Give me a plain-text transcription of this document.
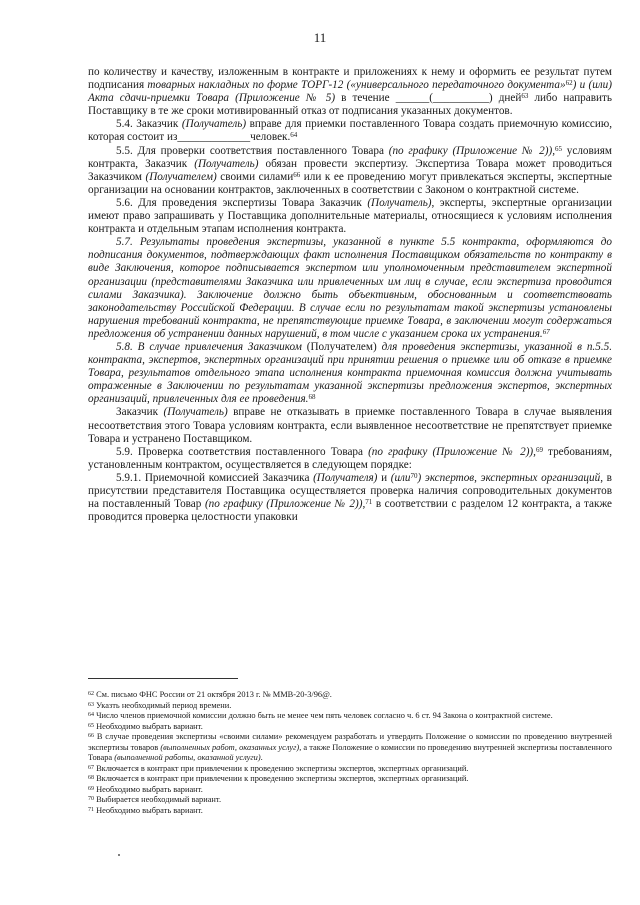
11

по количеству и качеству, изложенным в контракте и приложениях к нему и оформить ее результат путем подписания товарных накладных по форме ТОРГ-12 («универсального передаточного документа»$^{62}$) и (или) Акта сдачи-приемки Товара (Приложение № 5) в течение ______(__________) дней$^{63}$ либо направить Поставщику в те же сроки мотивированный отказ от подписания указанных документов.

5.4. Заказчик (Получатель) вправе для приемки поставленного Товара создать приемочную комиссию, которая состоит из_____________человек.$^{64}$

5.5. Для проверки соответствия поставленного Товара (по графику (Приложение № 2)),$^{65}$ условиям контракта, Заказчик (Получатель) обязан провести экспертизу. Экспертиза Товара может проводиться Заказчиком (Получателем) своими силами$^{66}$ или к ее проведению могут привлекаться эксперты, экспертные организации на основании контрактов, заключенных в соответствии с Законом о контрактной системе.

5.6. Для проведения экспертизы Товара Заказчик (Получатель), эксперты, экспертные организации имеют право запрашивать у Поставщика дополнительные материалы, относящиеся к условиям исполнения контракта и отдельным этапам исполнения контракта.

5.7. Результаты проведения экспертизы, указанной в пункте 5.5 контракта, оформляются до подписания документов, подтверждающих факт исполнения Поставщиком обязательств по контракту в виде Заключения, которое подписывается экспертом или уполномоченным представителем экспертной организации (представителями Заказчика или привлеченных им лиц в случае, если экспертиза проводится силами Заказчика). Заключение должно быть объективным, обоснованным и соответствовать законодательству Российской Федерации. В случае если по результатам такой экспертизы установлены нарушения требований контракта, не препятствующие приемке Товара, в заключении могут содержаться предложения об устранении данных нарушений, в том числе с указанием срока их устранения.$^{67}$

5.8. В случае привлечения Заказчиком (Получателем) для проведения экспертизы, указанной в п.5.5. контракта, экспертов, экспертных организаций при принятии решения о приемке или об отказе в приемке Товара, результатов отдельного этапа исполнения контракта приемочная комиссия должна учитывать отраженные в Заключении по результатам указанной экспертизы предложения экспертов, экспертных организаций, привлеченных для ее проведения.$^{68}$

Заказчик (Получатель) вправе не отказывать в приемке поставленного Товара в случае выявления несоответствия этого Товара условиям контракта, если выявленное несоответствие не препятствует приемке Товара и устранено Поставщиком.

5.9. Проверка соответствия поставленного Товара (по графику (Приложение № 2)),$^{69}$ требованиям, установленным контрактом, осуществляется в следующем порядке:

5.9.1. Приемочной комиссией Заказчика (Получателя) и (или$^{70}$) экспертов, экспертных организаций, в присутствии представителя Поставщика осуществляется проверка наличия сопроводительных документов на поставленный Товар (по графику (Приложение № 2)),$^{71}$ в соответствии с разделом 12 контракта, а также проводится проверка целостности упаковки

$^{62}$ См. письмо ФНС России от 21 октября 2013 г. № ММВ-20-3/96@.

$^{63}$ Указть необходимый период времени.

$^{64}$ Число членов приемочной комиссии должно быть не менее чем пять человек согласно ч. 6 ст. 94 Закона о контрактной системе.

$^{65}$ Необходимо выбрать вариант.

$^{66}$ В случае проведения экспертизы «своими силами» рекомендуем разработать и утвердить Положение о комиссии по проведению внутренней экспертизы товаров (выполненных работ, оказанных услуг), а также Положение о комиссии по проведению внутренней экспертизы поставленного Товара (выполненной работы, оказанной услуги).

$^{67}$ Включается в контракт при привлечении к проведению экспертизы экспертов, экспертных организаций.

$^{68}$ Включается в контракт при привлечении к проведению экспертизы экспертов, экспертных организаций.

$^{69}$ Необходимо выбрать вариант.

$^{70}$ Выбирается необходимый вариант.

$^{71}$ Необходимо выбрать вариант.
